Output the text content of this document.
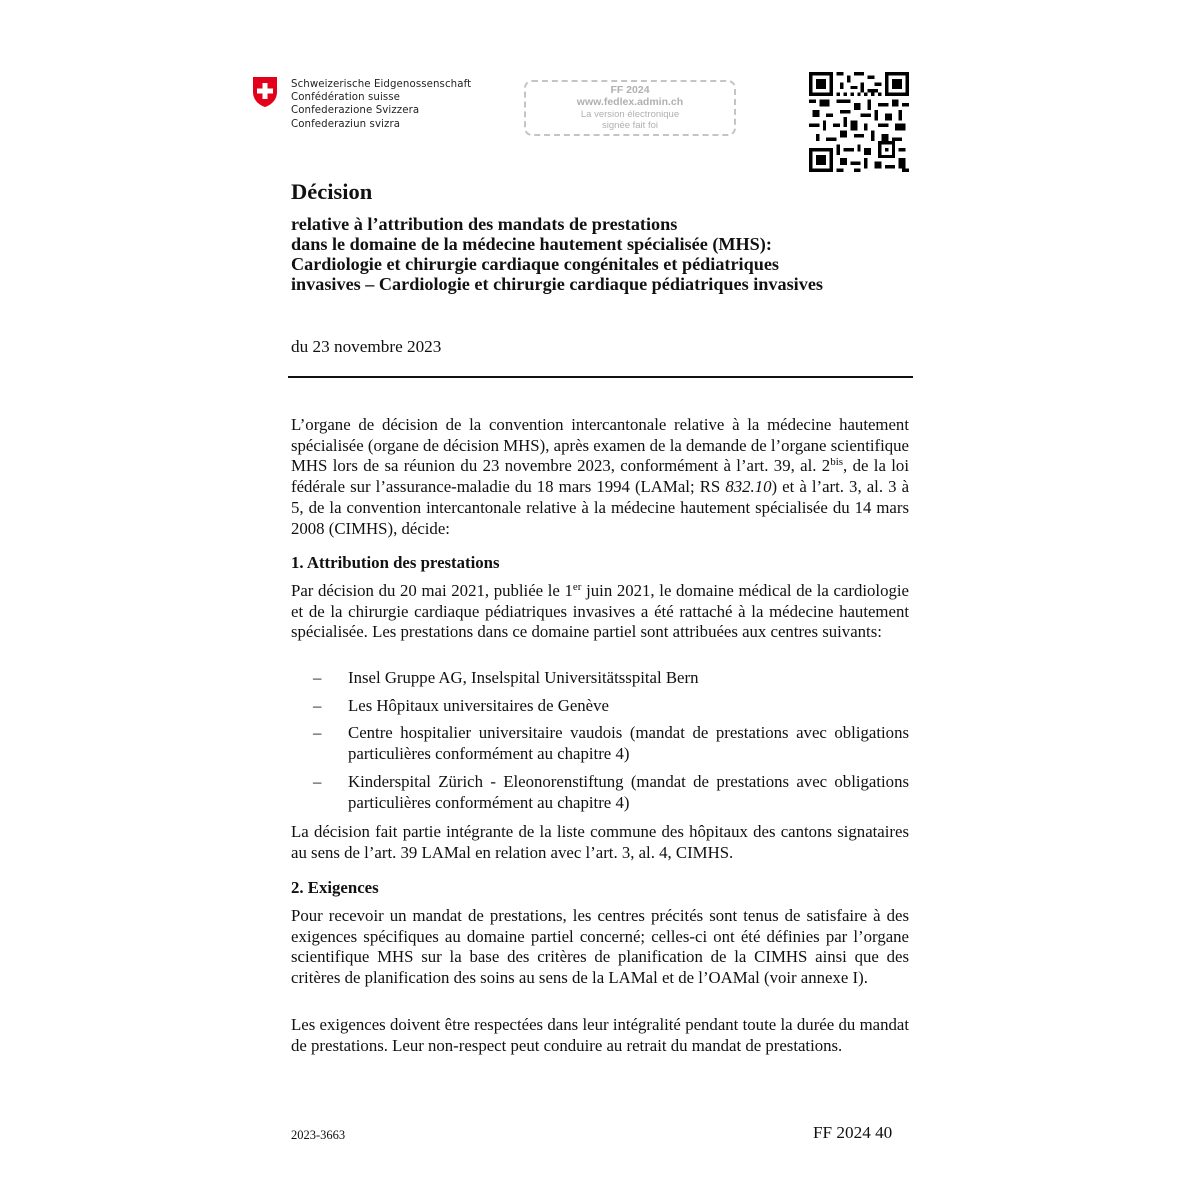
Schweizerische Eidgenossenschaft
Confédération suisse
Confederazione Svizzera
Confederaziun svizra
FF 2024
www.fedlex.admin.ch
La version électronique
signée fait foi
Décision
relative à l’attribution des mandats de prestations
dans le domaine de la médecine hautement spécialisée (MHS):
Cardiologie et chirurgie cardiaque congénitales et pédiatriques
invasives – Cardiologie et chirurgie cardiaque pédiatriques invasives
du 23 novembre 2023
L’organe de décision de la convention intercantonale relative à la médecine hautement spécialisée (organe de décision MHS), après examen de la demande de l’organe scientifique MHS lors de sa réunion du 23 novembre 2023, conformément à l’art. 39, al. $2^{bis}$, de la loi fédérale sur l’assurance-maladie du 18 mars 1994 (LAMal; RS 832.10) et à l’art. 3, al. 3 à 5, de la convention intercantonale relative à la médecine hautement spécialisée du 14 mars 2008 (CIMHS), décide:
1. Attribution des prestations
Par décision du 20 mai 2021, publiée le 1er juin 2021, le domaine médical de la cardiologie et de la chirurgie cardiaque pédiatriques invasives a été rattaché à la médecine hautement spécialisée. Les prestations dans ce domaine partiel sont attribuées aux centres suivants:
–	Insel Gruppe AG, Inselspital Universitätsspital Bern
–	Les Hôpitaux universitaires de Genève
–	Centre hospitalier universitaire vaudois (mandat de prestations avec obligations particulières conformément au chapitre 4)
–	Kinderspital Zürich - Eleonorenstiftung (mandat de prestations avec obligations particulières conformément au chapitre 4)
La décision fait partie intégrante de la liste commune des hôpitaux des cantons signataires au sens de l’art. 39 LAMal en relation avec l’art. 3, al. 4, CIMHS.
2. Exigences
Pour recevoir un mandat de prestations, les centres précités sont tenus de satisfaire à des exigences spécifiques au domaine partiel concerné; celles-ci ont été définies par l’organe scientifique MHS sur la base des critères de planification de la CIMHS ainsi que des critères de planification des soins au sens de la LAMal et de l’OAMal (voir annexe I).
Les exigences doivent être respectées dans leur intégralité pendant toute la durée du mandat de prestations. Leur non-respect peut conduire au retrait du mandat de prestations.
2023-3663	FF 2024 40
